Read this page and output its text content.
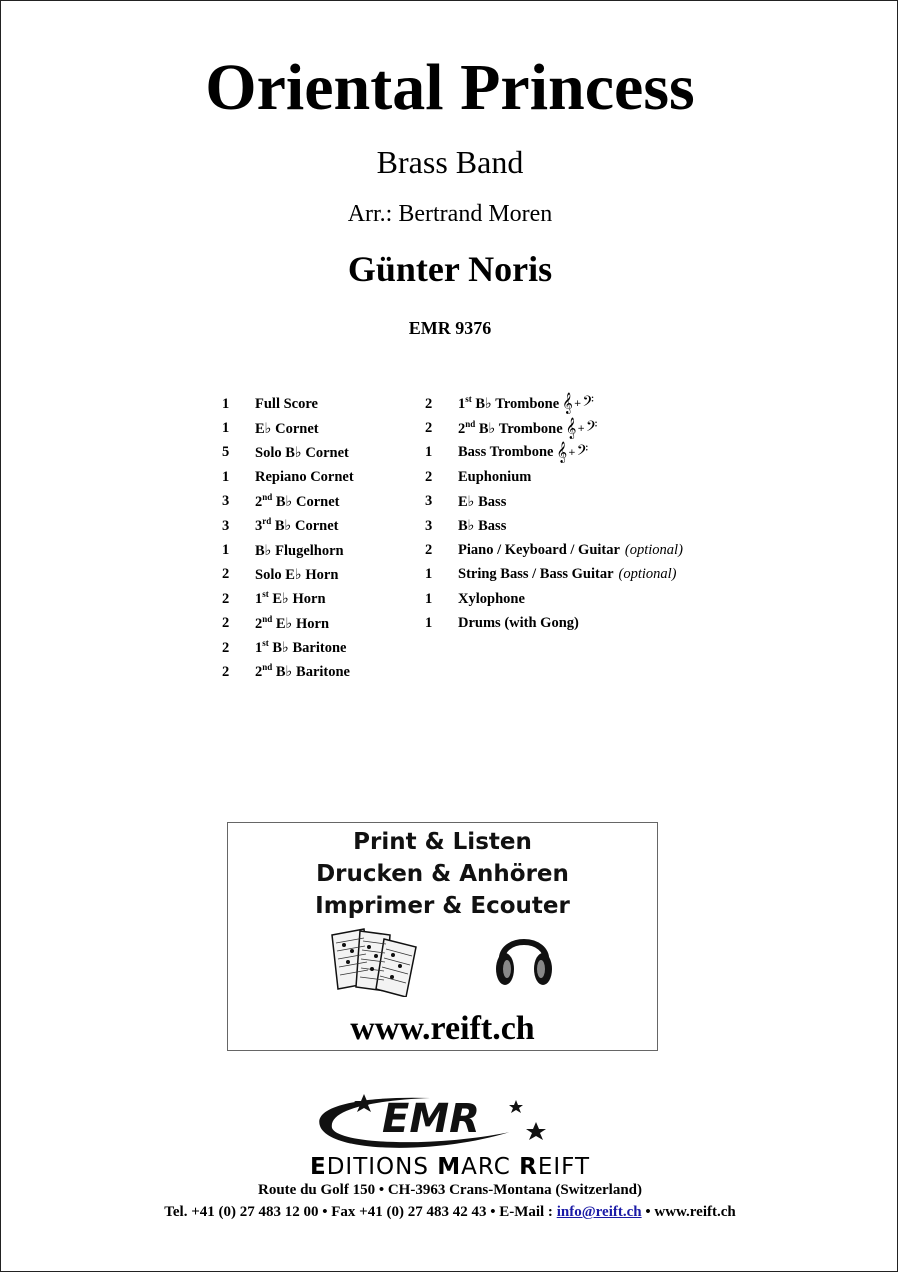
Oriental Princess
Brass Band
Arr.: Bertrand Moren
Günter Noris
EMR 9376
1	Full Score
1	E♭ Cornet
5	Solo B♭ Cornet
1	Repiano Cornet
3	2nd B♭ Cornet
3	3rd B♭ Cornet
1	B♭ Flugelhorn
2	Solo E♭ Horn
2	1st E♭ Horn
2	2nd E♭ Horn
2	1st B♭ Baritone
2	2nd B♭ Baritone
2	1st B♭ Trombone 𝄞+𝄢
2	2nd B♭ Trombone 𝄞+𝄢
1	Bass Trombone 𝄞+𝄢
2	Euphonium
3	E♭ Bass
3	B♭ Bass
2	Piano / Keyboard / Guitar (optional)
1	String Bass / Bass Guitar (optional)
1	Xylophone
1	Drums (with Gong)
Print & Listen
Drucken & Anhören
Imprimer & Ecouter
www.reift.ch
EMR
EDITIONS MARC REIFT
Route du Golf 150 • CH-3963 Crans-Montana (Switzerland)
Tel. +41 (0) 27 483 12 00 • Fax +41 (0) 27 483 42 43 • E-Mail : info@reift.ch • www.reift.ch
